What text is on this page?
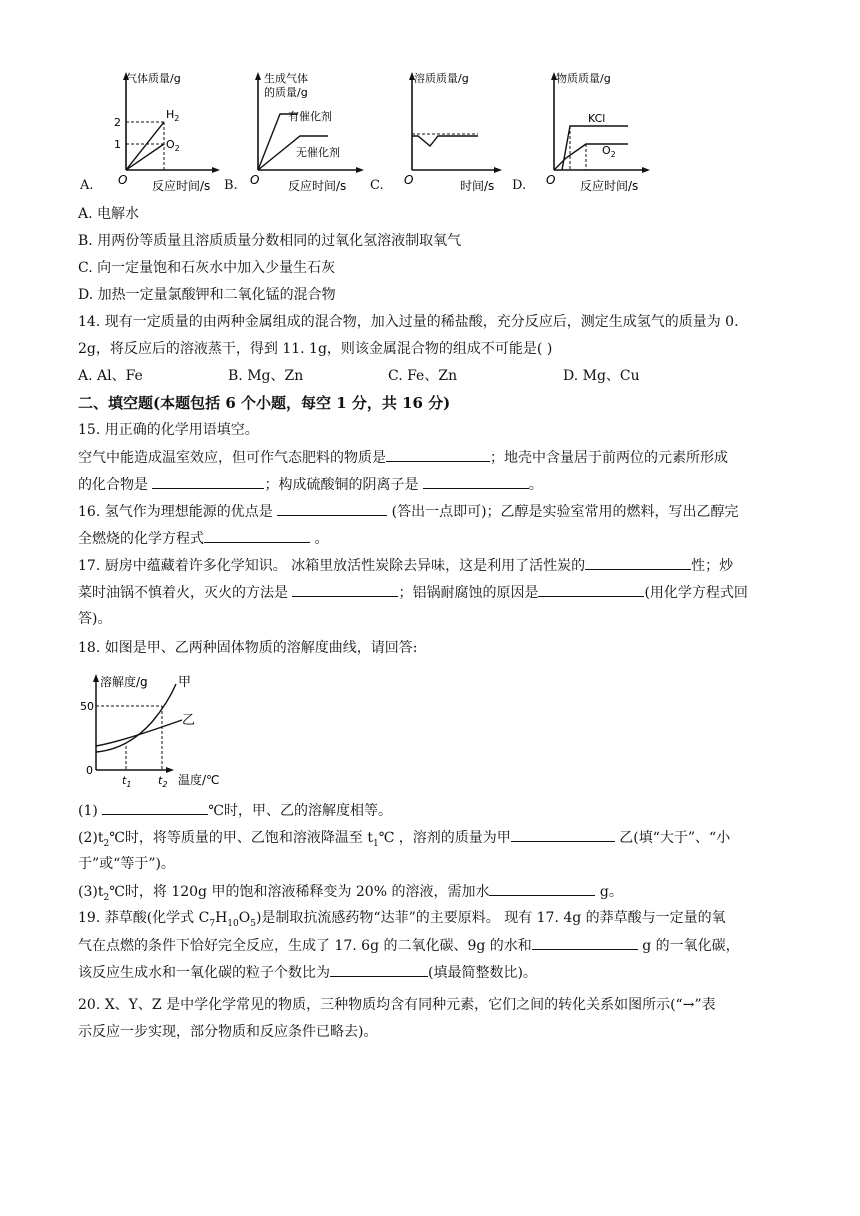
A.
气体质量/g
2
1
$H_2$
$O_2$
O 反应时间/s B.
生成气体
的质量/g
有催化剂
无催化剂
O 反应时间/s C.
溶质质量/g
O	时间/s D.
物质质量/g
KCl
$O_2$
O 反应时间/s
A. 电解水
B. 用两份等质量且溶质质量分数相同的过氧化氢溶液制取氧气
C. 向一定量饱和石灰水中加入少量生石灰
D. 加热一定量氯酸钾和二氧化锰的混合物
14. 现有一定质量的由两种金属组成的混合物，加入过量的稀盐酸，充分反应后，测定生成氢气的质量为 0.
2g，将反应后的溶液蒸干，得到 11. 1g，则该金属混合物的组成不可能是( )
A. Al、Fe	B. Mg、Zn	C. Fe、Zn	D. Mg、Cu
二、填空题(本题包括 6 个小题，每空 1 分，共 16 分)
15. 用正确的化学用语填空。
空气中能造成温室效应，但可作气态肥料的物质是	；地壳中含量居于前两位的元素所形成
的化合物是	；构成硫酸铜的阴离子是	。
16. 氢气作为理想能源的优点是	(答出一点即可)；乙醇是实验室常用的燃料，写出乙醇完
全燃烧的化学方程式	。
17. 厨房中蕴藏着许多化学知识。 冰箱里放活性炭除去异味，这是利用了活性炭的	性；炒
菜时油锅不慎着火，灭火的方法是	；铝锅耐腐蚀的原因是	(用化学方程式回
答)。
18. 如图是甲、乙两种固体物质的溶解度曲线，请回答:
溶解度/g
50
0
甲
乙
$t_1$ $t_2$ 温度/℃
(1)	℃时，甲、乙的溶解度相等。
$(2)t_2℃$时，将等质量的甲、乙饱和溶液降温至 $t_1℃$ ，溶剂的质量为甲	乙(填“大于”、“小
于”或“等于”)。
$(3)t_2℃$时，将 120g 甲的饱和溶液稀释变为 20% 的溶液，需加水	g。
19. 莽草酸(化学式 $C_7H_{10}O_5$)是制取抗流感药物“达菲”的主要原料。 现有 17. 4g 的莽草酸与一定量的氧
气在点燃的条件下恰好完全反应，生成了 17. 6g 的二氧化碳、9g 的水和	g 的一氧化碳，
该反应生成水和一氧化碳的粒子个数比为	(填最简整数比)。
20. X、Y、Z 是中学化学常见的物质，三种物质均含有同种元素，它们之间的转化关系如图所示(“→”表
示反应一步实现，部分物质和反应条件已略去)。
